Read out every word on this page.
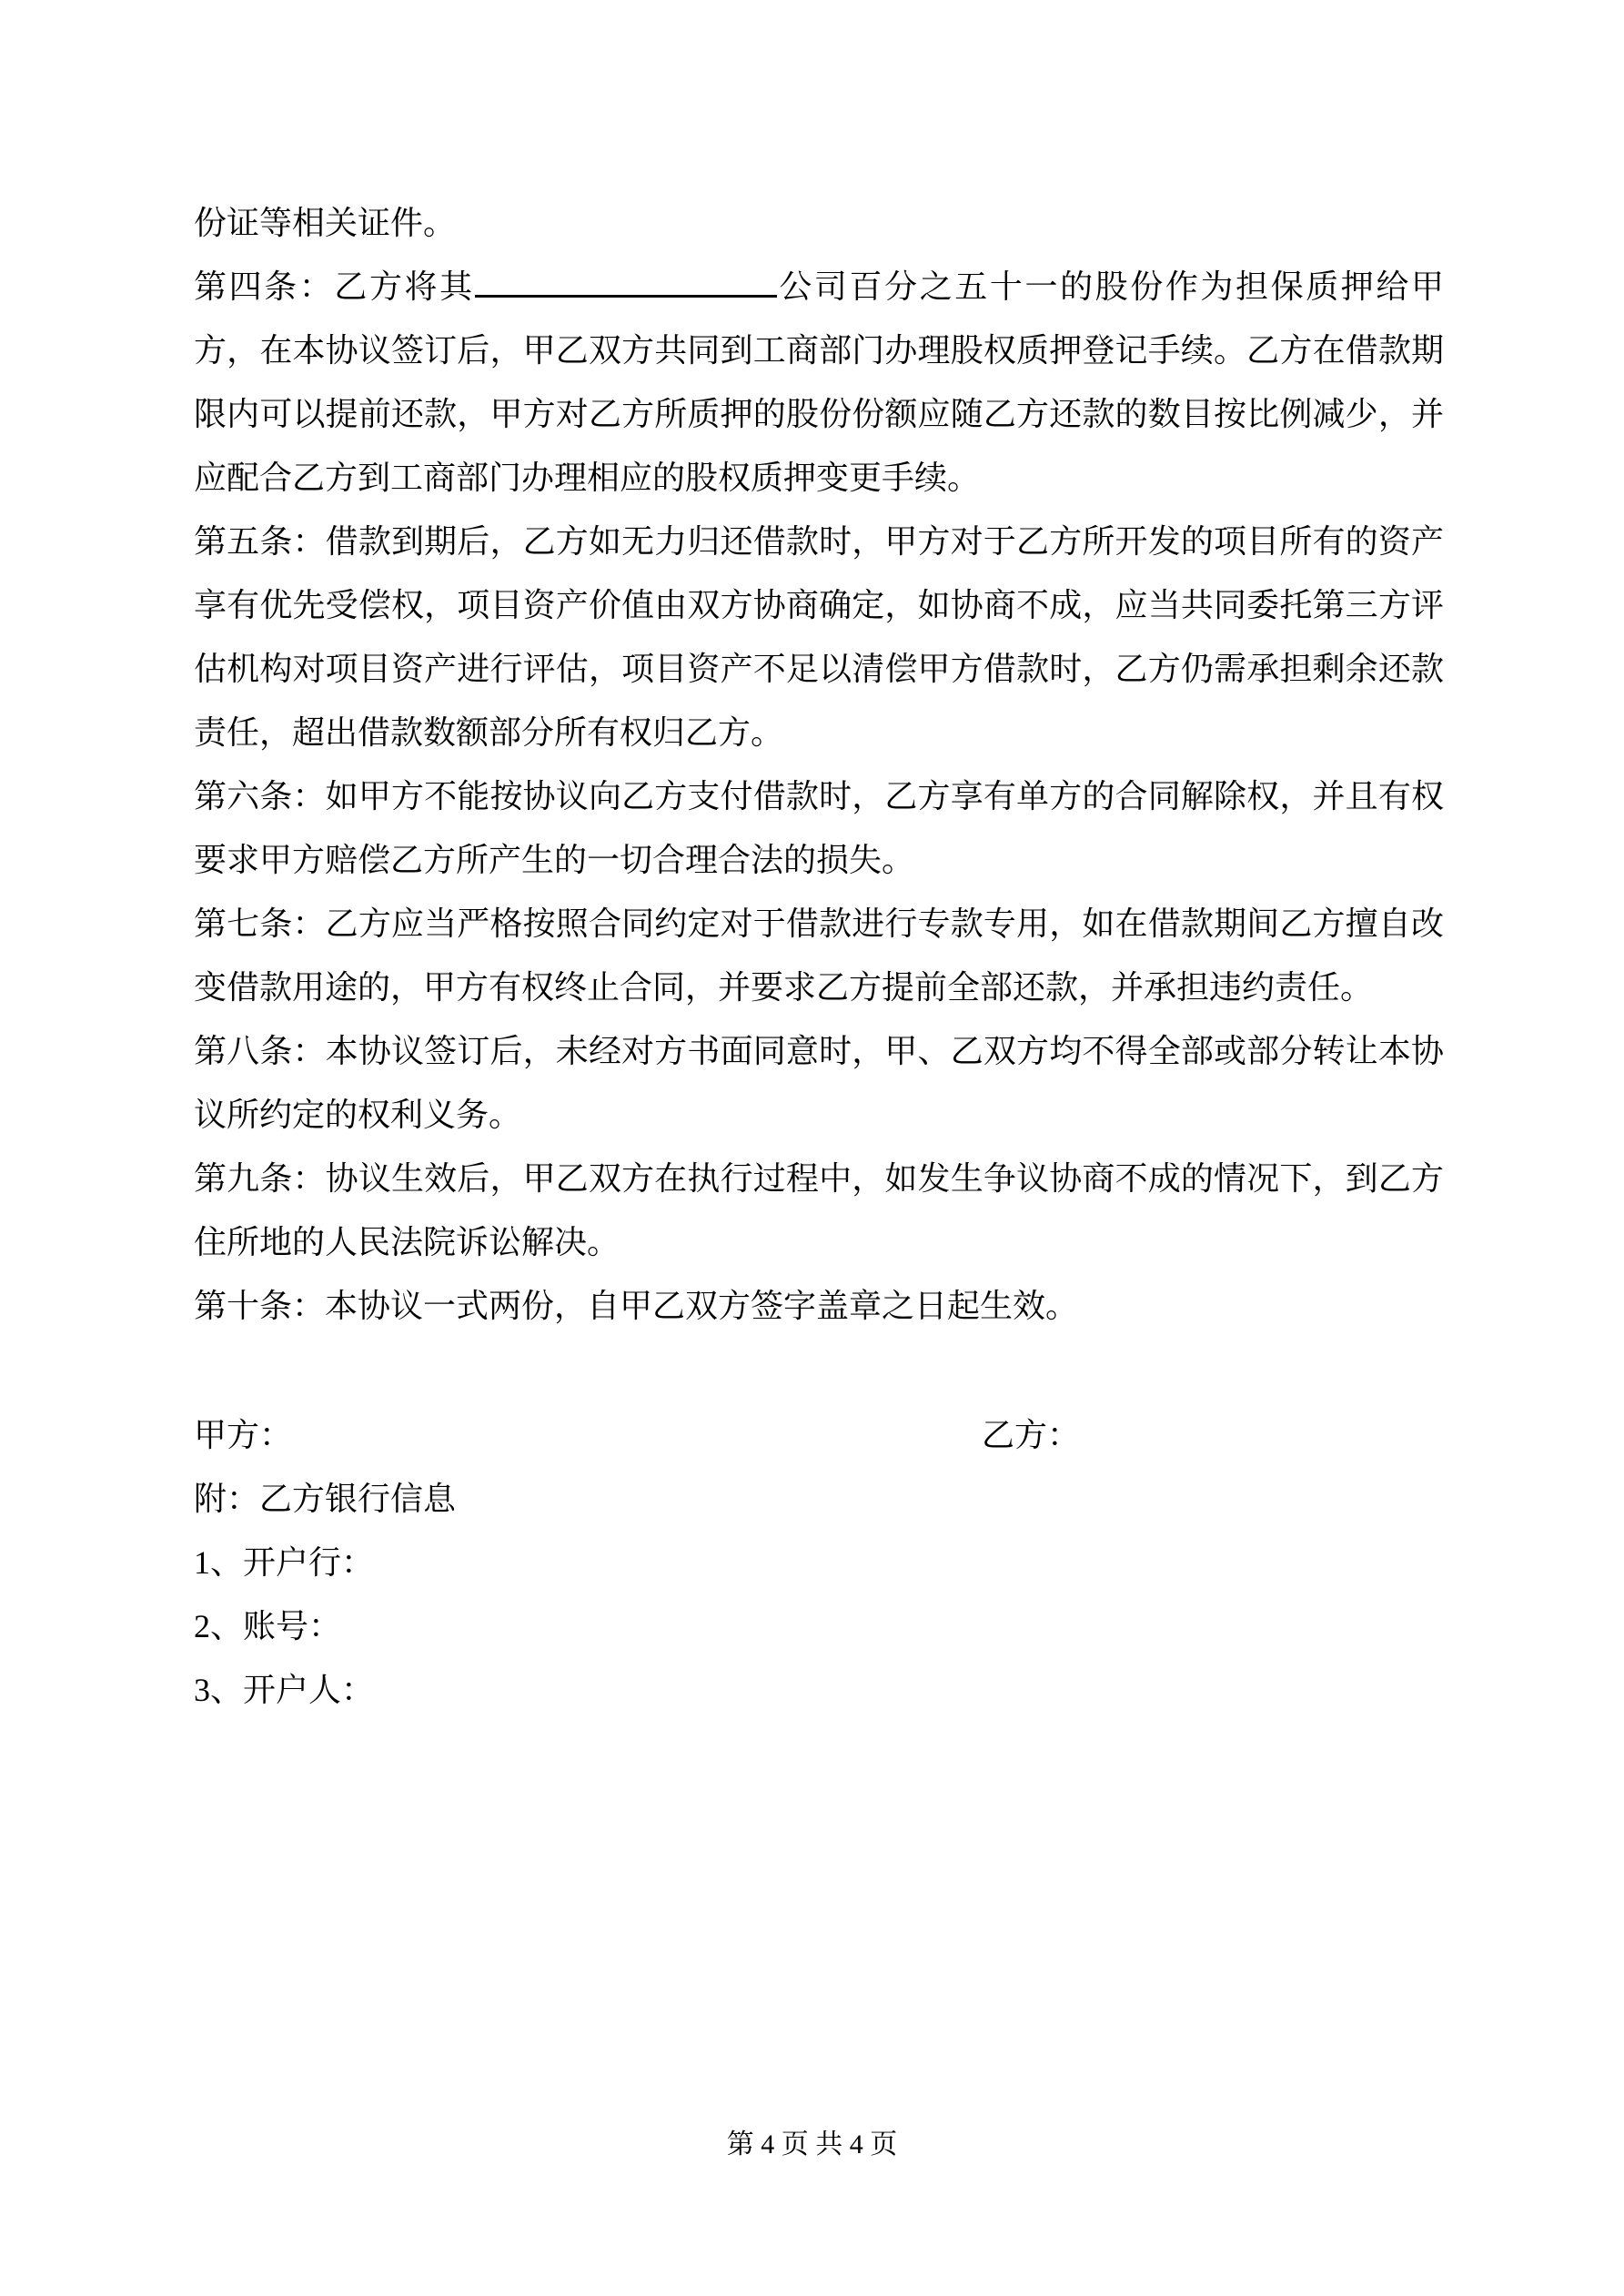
份证等相关证件。

第四条：乙方将其	公司百分之五十一的股份作为担保质押给甲方，在本协议签订后，甲乙双方共同到工商部门办理股权质押登记手续。乙方在借款期限内可以提前还款，甲方对乙方所质押的股份份额应随乙方还款的数目按比例减少，并应配合乙方到工商部门办理相应的股权质押变更手续。

第五条：借款到期后，乙方如无力归还借款时，甲方对于乙方所开发的项目所有的资产享有优先受偿权，项目资产价值由双方协商确定，如协商不成，应当共同委托第三方评估机构对项目资产进行评估，项目资产不足以清偿甲方借款时，乙方仍需承担剩余还款责任，超出借款数额部分所有权归乙方。

第六条：如甲方不能按协议向乙方支付借款时，乙方享有单方的合同解除权，并且有权要求甲方赔偿乙方所产生的一切合理合法的损失。

第七条：乙方应当严格按照合同约定对于借款进行专款专用，如在借款期间乙方擅自改变借款用途的，甲方有权终止合同，并要求乙方提前全部还款，并承担违约责任。

第八条：本协议签订后，未经对方书面同意时，甲、乙双方均不得全部或部分转让本协议所约定的权利义务。

第九条：协议生效后，甲乙双方在执行过程中，如发生争议协商不成的情况下，到乙方住所地的人民法院诉讼解决。

第十条：本协议一式两份，自甲乙双方签字盖章之日起生效。

甲方：	乙方：

附：乙方银行信息

1、开户行：

2、账号：

3、开户人：

第 4 页 共 4 页
